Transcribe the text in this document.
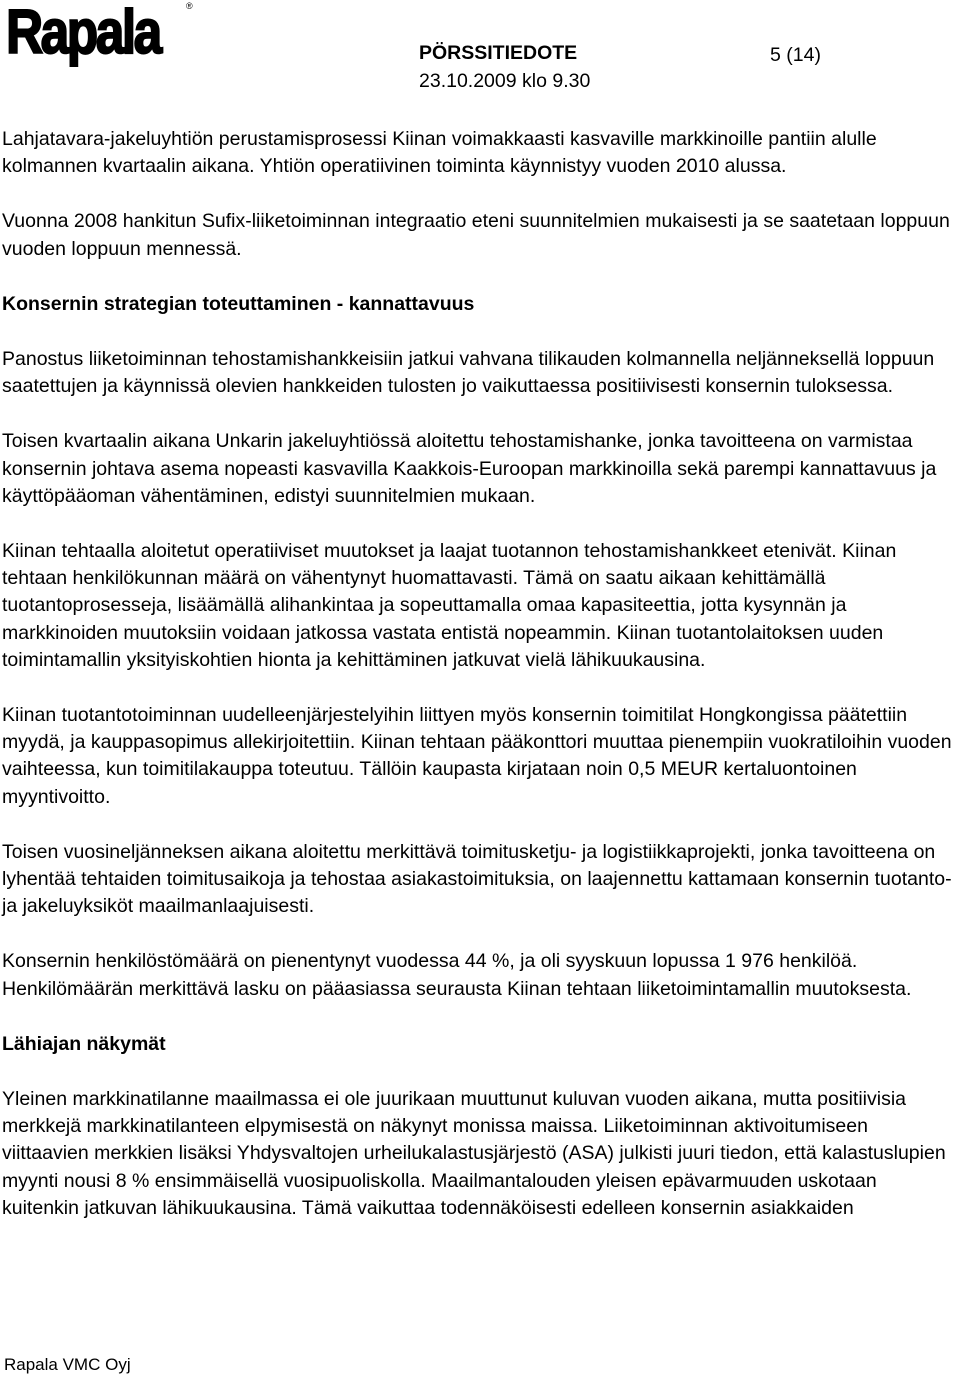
Rapala	®
PÖRSSITIEDOTE	5 (14)
23.10.2009 klo 9.30

Lahjatavara-jakeluyhtiön perustamisprosessi Kiinan voimakkaasti kasvaville markkinoille pantiin alulle kolmannen kvartaalin aikana. Yhtiön operatiivinen toiminta käynnistyy vuoden 2010 alussa.

Vuonna 2008 hankitun Sufix-liiketoiminnan integraatio eteni suunnitelmien mukaisesti ja se saatetaan loppuun vuoden loppuun mennessä.

Konsernin strategian toteuttaminen - kannattavuus

Panostus liiketoiminnan tehostamishankkeisiin jatkui vahvana tilikauden kolmannella neljänneksellä loppuun saatettujen ja käynnissä olevien hankkeiden tulosten jo vaikuttaessa positiivisesti konsernin tuloksessa.

Toisen kvartaalin aikana Unkarin jakeluyhtiössä aloitettu tehostamishanke, jonka tavoitteena on varmistaa konsernin johtava asema nopeasti kasvavilla Kaakkois-Euroopan markkinoilla sekä parempi kannattavuus ja käyttöpääoman vähentäminen, edistyi suunnitelmien mukaan.

Kiinan tehtaalla aloitetut operatiiviset muutokset ja laajat tuotannon tehostamishankkeet etenivät. Kiinan tehtaan henkilökunnan määrä on vähentynyt huomattavasti. Tämä on saatu aikaan kehittämällä tuotantoprosesseja, lisäämällä alihankintaa ja sopeuttamalla omaa kapasiteettia, jotta kysynnän ja markkinoiden muutoksiin voidaan jatkossa vastata entistä nopeammin. Kiinan tuotantolaitoksen uuden toimintamallin yksityiskohtien hionta ja kehittäminen jatkuvat vielä lähikuukausina.

Kiinan tuotantotoiminnan uudelleenjärjestelyihin liittyen myös konsernin toimitilat Hongkongissa päätettiin myydä, ja kauppasopimus allekirjoitettiin. Kiinan tehtaan pääkonttori muuttaa pienempiin vuokratiloihin vuoden vaihteessa, kun toimitilakauppa toteutuu. Tällöin kaupasta kirjataan noin 0,5 MEUR kertaluontoinen myyntivoitto.

Toisen vuosineljänneksen aikana aloitettu merkittävä toimitusketju- ja logistiikkaprojekti, jonka tavoitteena on lyhentää tehtaiden toimitusaikoja ja tehostaa asiakastoimituksia, on laajennettu kattamaan konsernin tuotanto- ja jakeluyksiköt maailmanlaajuisesti.

Konsernin henkilöstömäärä on pienentynyt vuodessa 44 %, ja oli syyskuun lopussa 1 976 henkilöä. Henkilömäärän merkittävä lasku on pääasiassa seurausta Kiinan tehtaan liiketoimintamallin muutoksesta.

Lähiajan näkymät

Yleinen markkinatilanne maailmassa ei ole juurikaan muuttunut kuluvan vuoden aikana, mutta positiivisia merkkejä markkinatilanteen elpymisestä on näkynyt monissa maissa. Liiketoiminnan aktivoitumiseen viittaavien merkkien lisäksi Yhdysvaltojen urheilukalastusjärjestö (ASA) julkisti juuri tiedon, että kalastuslupien myynti nousi 8 % ensimmäisellä vuosipuoliskolla. Maailmantalouden yleisen epävarmuuden uskotaan kuitenkin jatkuvan lähikuukausina. Tämä vaikuttaa todennäköisesti edelleen konsernin asiakkaiden

Rapala VMC Oyj
